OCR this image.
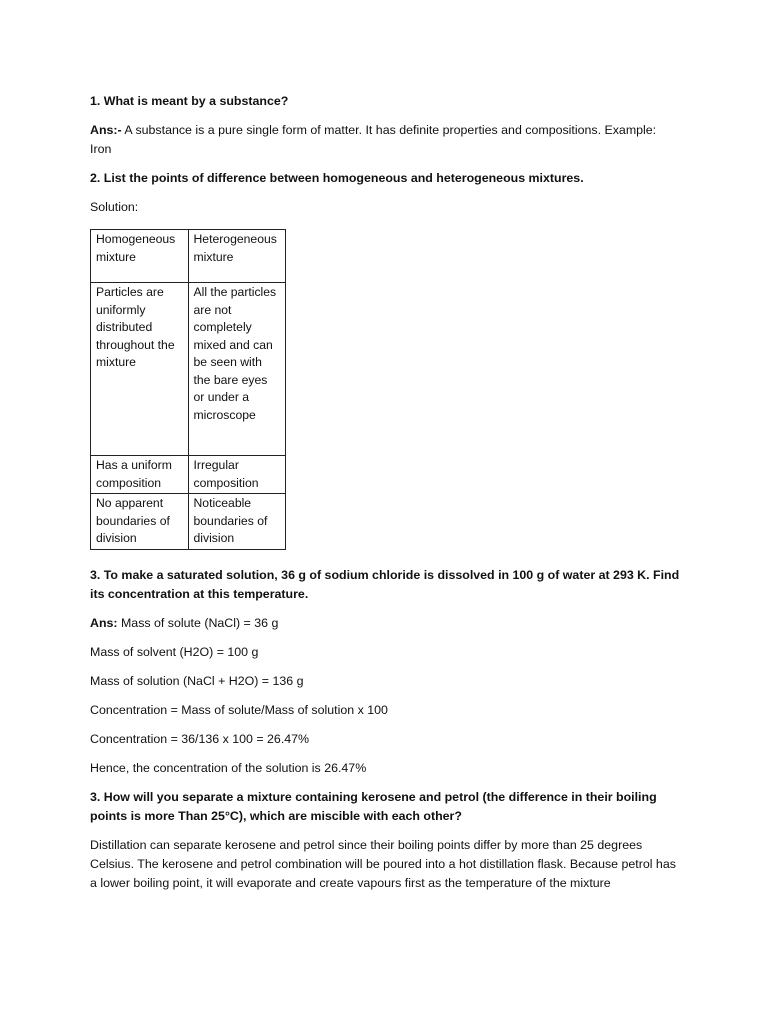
1. What is meant by a substance?

Ans:- A substance is a pure single form of matter. It has definite properties and compositions. Example: Iron

2. List the points of difference between homogeneous and heterogeneous mixtures.

Solution:

Homogeneous mixture	Heterogeneous mixture
Particles are uniformly distributed throughout the mixture	All the particles are not completely mixed and can be seen with the bare eyes or under a microscope
Has a uniform composition	Irregular composition
No apparent boundaries of division	Noticeable boundaries of division

3. To make a saturated solution, 36 g of sodium chloride is dissolved in 100 g of water at 293 K. Find its concentration at this temperature.

Ans: Mass of solute (NaCl) = 36 g

Mass of solvent (H2O) = 100 g

Mass of solution (NaCl + H2O) = 136 g

Concentration = Mass of solute/Mass of solution x 100

Concentration = 36/136 x 100 = 26.47%

Hence, the concentration of the solution is 26.47%

3. How will you separate a mixture containing kerosene and petrol (the difference in their boiling points is more Than 25°C), which are miscible with each other?

Distillation can separate kerosene and petrol since their boiling points differ by more than 25 degrees Celsius. The kerosene and petrol combination will be poured into a hot distillation flask. Because petrol has a lower boiling point, it will evaporate and create vapours first as the temperature of the mixture
